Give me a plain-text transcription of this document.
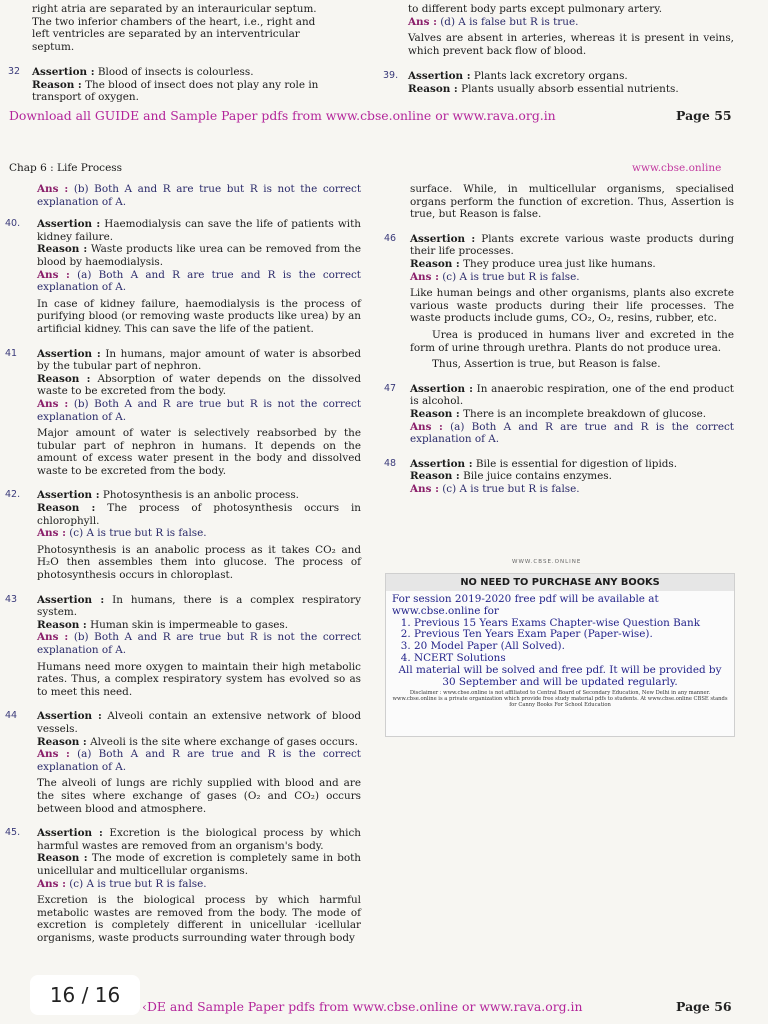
right atria are separated by an interauricular septum.

The two inferior chambers of the heart, i.e., right and

left ventricles are separated by an interventricular

septum.

32 Assertion : Blood of insects is colourless.

Reason : The blood of insect does not play any role in transport of oxygen.

to different body parts except pulmonary artery.

Ans : (d) A is false but R is true.

Valves are absent in arteries, whereas it is present in veins, which prevent back flow of blood.

39. Assertion : Plants lack excretory organs.

Reason : Plants usually absorb essential nutrients.

Download all GUIDE and Sample Paper pdfs from www.cbse.online or www.rava.org.in	Page 55
Chap 6 : Life Process	www.cbse.online

Ans : (b) Both A and R are true but R is not the correct explanation of A.

40. Assertion : Haemodialysis can save the life of patients with kidney failure.

Reason : Waste products like urea can be removed from the blood by haemodialysis.

Ans : (a) Both A and R are true and R is the correct explanation of A.

In case of kidney failure, haemodialysis is the process of purifying blood (or removing waste products like urea) by an artificial kidney. This can save the life of the patient.

41 Assertion : In humans, major amount of water is absorbed by the tubular part of nephron.

Reason : Absorption of water depends on the dissolved waste to be excreted from the body.

Ans : (b) Both A and R are true but R is not the correct explanation of A.

Major amount of water is selectively reabsorbed by the tubular part of nephron in humans. It depends on the amount of excess water present in the body and dissolved waste to be excreted from the body.

42. Assertion : Photosynthesis is an anbolic process.

Reason : The process of photosynthesis occurs in chlorophyll.

Ans : (c) A is true but R is false.

Photosynthesis is an anabolic process as it takes CO₂ and H₂O then assembles them into glucose. The process of photosynthesis occurs in chloroplast.

43 Assertion : In humans, there is a complex respiratory system.

Reason : Human skin is impermeable to gases.

Ans : (b) Both A and R are true but R is not the correct explanation of A.

Humans need more oxygen to maintain their high metabolic rates. Thus, a complex respiratory system has evolved so as to meet this need.

44 Assertion : Alveoli contain an extensive network of blood vessels.

Reason : Alveoli is the site where exchange of gases occurs.

Ans : (a) Both A and R are true and R is the correct explanation of A.

The alveoli of lungs are richly supplied with blood and are the sites where exchange of gases (O₂ and CO₂) occurs between blood and atmosphere.

45. Assertion : Excretion is the biological process by which harmful wastes are removed from an organism's body.

Reason : The mode of excretion is completely same in both unicellular and multicellular organisms.

Ans : (c) A is true but R is false.

Excretion is the biological process by which harmful metabolic wastes are removed from the body. The mode of excretion is completely different in unicellular ·icellular organisms, waste products surrounding water through body

surface. While, in multicellular organisms, specialised organs perform the function of excretion. Thus, Assertion is true, but Reason is false.

46 Assertion : Plants excrete various waste products during their life processes.

Reason : They produce urea just like humans.

Ans : (c) A is true but R is false.

Like human beings and other organisms, plants also excrete various waste products during their life processes. The waste products include gums, CO₂, O₂, resins, rubber, etc.

Urea is produced in humans liver and excreted in the form of urine through urethra. Plants do not produce urea.

Thus, Assertion is true, but Reason is false.

47 Assertion : In anaerobic respiration, one of the end product is alcohol.

Reason : There is an incomplete breakdown of glucose.

Ans : (a) Both A and R are true and R is the correct explanation of A.

48 Assertion : Bile is essential for digestion of lipids.

Reason : Bile juice contains enzymes.

Ans : (c) A is true but R is false.

WWW.CBSE.ONLINE
NO NEED TO PURCHASE ANY BOOKS

For session 2019-2020 free pdf will be available at www.cbse.online for

1. Previous 15 Years Exams Chapter-wise Question Bank
2. Previous Ten Years Exam Paper (Paper-wise).
3. 20 Model Paper (All Solved).
4. NCERT Solutions

All material will be solved and free pdf. It will be provided by 30 September and will be updated regularly.

Disclaimer : www.cbse.online is not affiliated to Central Board of Secondary Education, New Delhi in any manner. www.cbse.online is a private organization which provide free study material pdfs to students. At www.cbse.online CBSE stands for Canny Books For School Education

‹DE and Sample Paper pdfs from www.cbse.online or www.rava.org.in	Page 56
16 / 16
